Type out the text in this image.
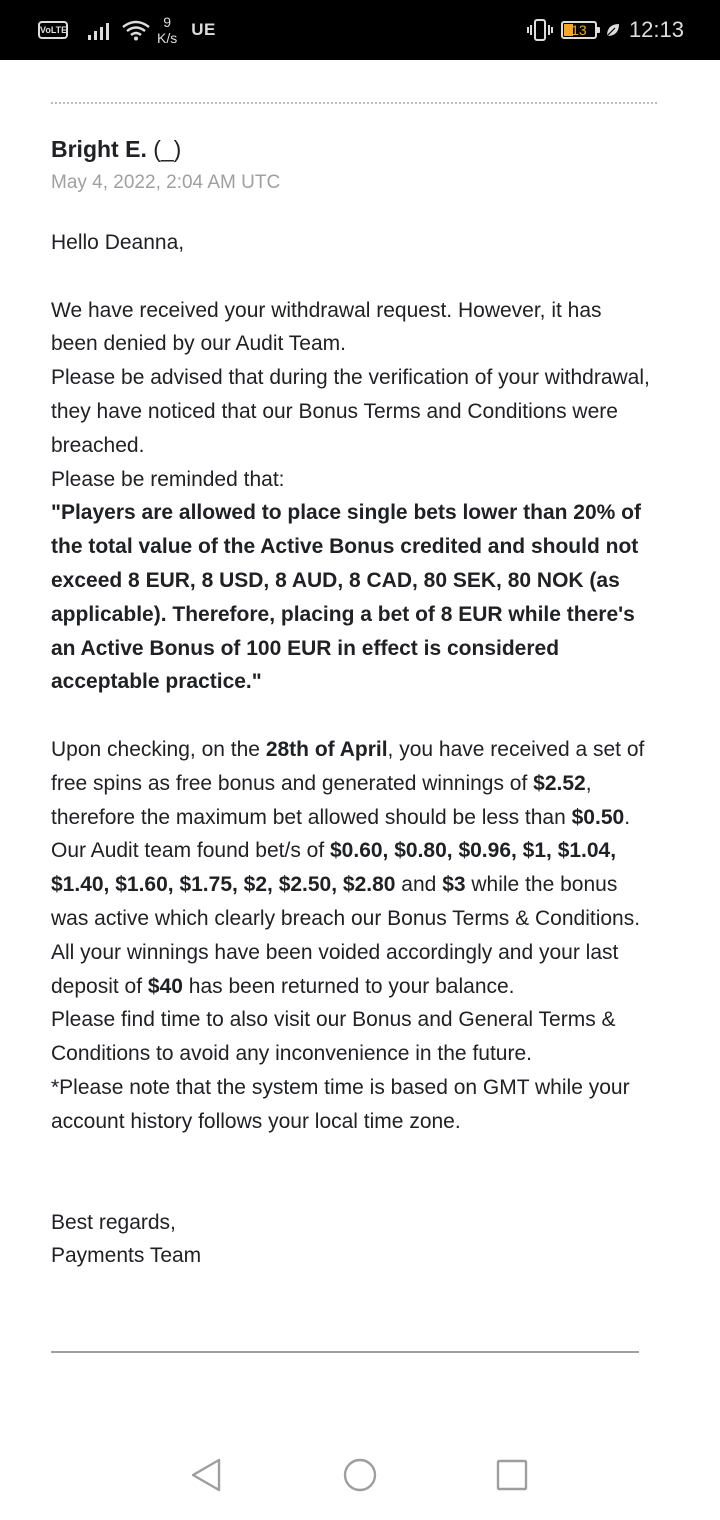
VoLTE	9
K/s UE	13 12:13
Bright E. (_)
May 4, 2022, 2:04 AM UTC

Hello Deanna,

We have received your withdrawal request. However, it has been denied by our Audit Team.

Please be advised that during the verification of your withdrawal, they have noticed that our Bonus Terms and Conditions were breached.

Please be reminded that:

"Players are allowed to place single bets lower than 20% of the total value of the Active Bonus credited and should not exceed 8 EUR, 8 USD, 8 AUD, 8 CAD, 80 SEK, 80 NOK (as applicable). Therefore, placing a bet of 8 EUR while there's an Active Bonus of 100 EUR in effect is considered acceptable practice."

Upon checking, on the 28th of April, you have received a set of free spins as free bonus and generated winnings of $2.52, therefore the maximum bet allowed should be less than $0.50.

Our Audit team found bet/s of $0.60, $0.80, $0.96, $1, $1.04, $1.40, $1.60, $1.75, $2, $2.50, $2.80 and $3 while the bonus was active which clearly breach our Bonus Terms & Conditions.

All your winnings have been voided accordingly and your last deposit of $40 has been returned to your balance.

Please find time to also visit our Bonus and General Terms & Conditions to avoid any inconvenience in the future.

*Please note that the system time is based on GMT while your account history follows your local time zone.

Best regards,

Payments Team
